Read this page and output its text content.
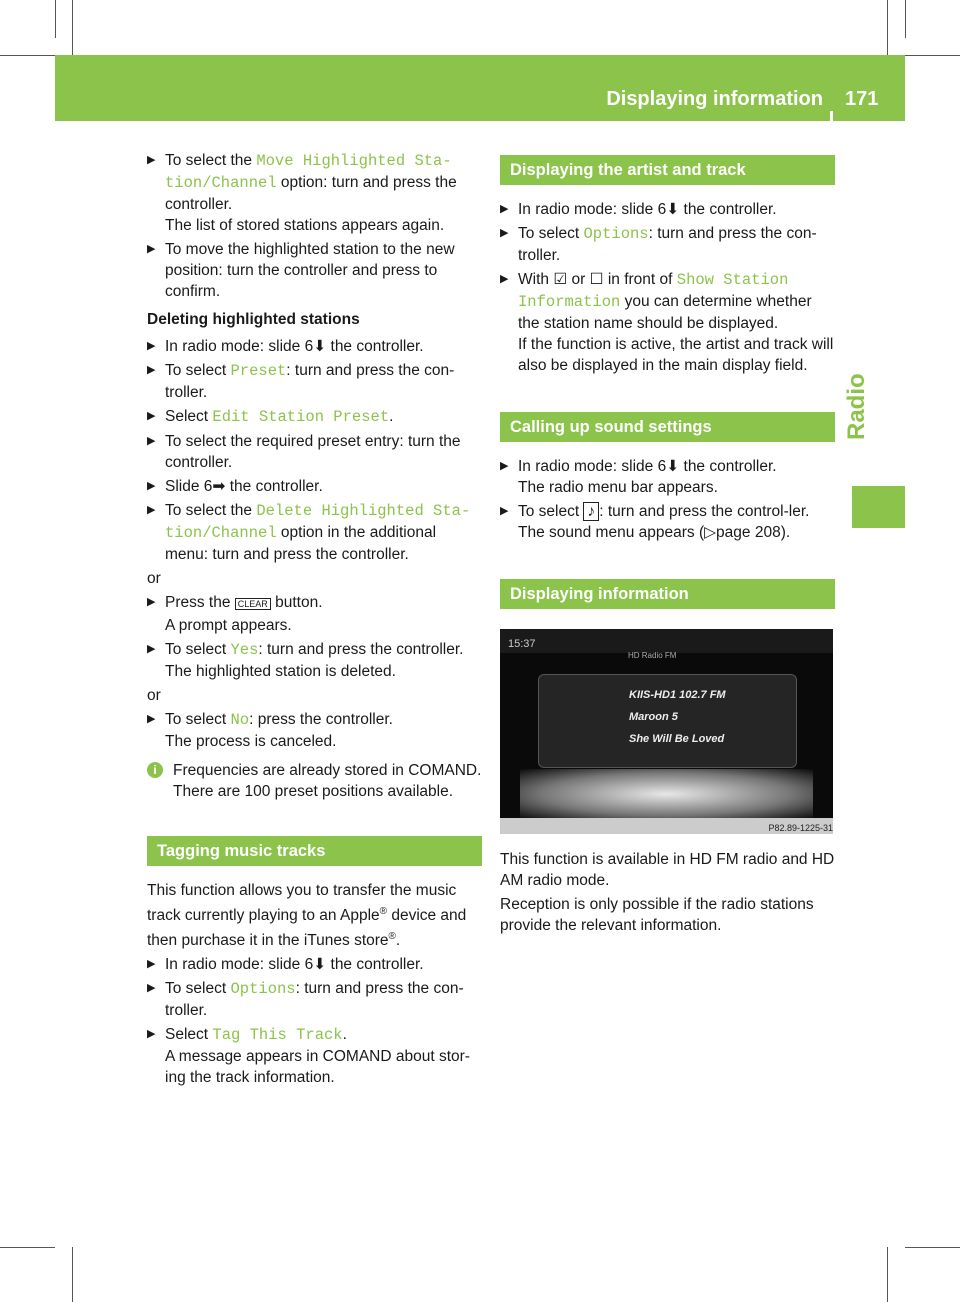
Displaying information 171
Radio
▶ To select the Move Highlighted Sta‐
tion/Channel option: turn and press the controller.
The list of stored stations appears again.
▶ To move the highlighted station to the new position: turn the controller and press to confirm.
Deleting highlighted stations
▶ In radio mode: slide 6⬇ the controller.
▶ To select Preset: turn and press the con-troller.
▶ Select Edit Station Preset.
▶ To select the required preset entry: turn the controller.
▶ Slide 6➡ the controller.
▶ To select the Delete Highlighted Sta‐
tion/Channel option in the additional menu: turn and press the controller.
or
▶ Press the CLEAR button.
A prompt appears.
▶ To select Yes: turn and press the controller.
The highlighted station is deleted.
or
▶ To select No: press the controller.
The process is canceled.
i	Frequencies are already stored in COMAND. There are 100 preset positions available.
Tagging music tracks
This function allows you to transfer the music track currently playing to an Apple® device and then purchase it in the iTunes store®.
▶ In radio mode: slide 6⬇ the controller.
▶ To select Options: turn and press the con-troller.
▶ Select Tag This Track.
A message appears in COMAND about stor-ing the track information.
Displaying the artist and track
▶ In radio mode: slide 6⬇ the controller.
▶ To select Options: turn and press the con-troller.
▶ With ☑ or ☐ in front of Show Station
Information you can determine whether the station name should be displayed.
If the function is active, the artist and track will also be displayed in the main display field.
Calling up sound settings
▶ In radio mode: slide 6⬇ the controller.
The radio menu bar appears.
▶ To select ♪ : turn and press the control-ler.
The sound menu appears (▷page 208).
Displaying information
15:37
HD Radio FM
KIIS-HD1 102.7 FM
Maroon 5
She Will Be Loved
P82.89-1225-31
This function is available in HD FM radio and HD AM radio mode.
Reception is only possible if the radio stations provide the relevant information.
